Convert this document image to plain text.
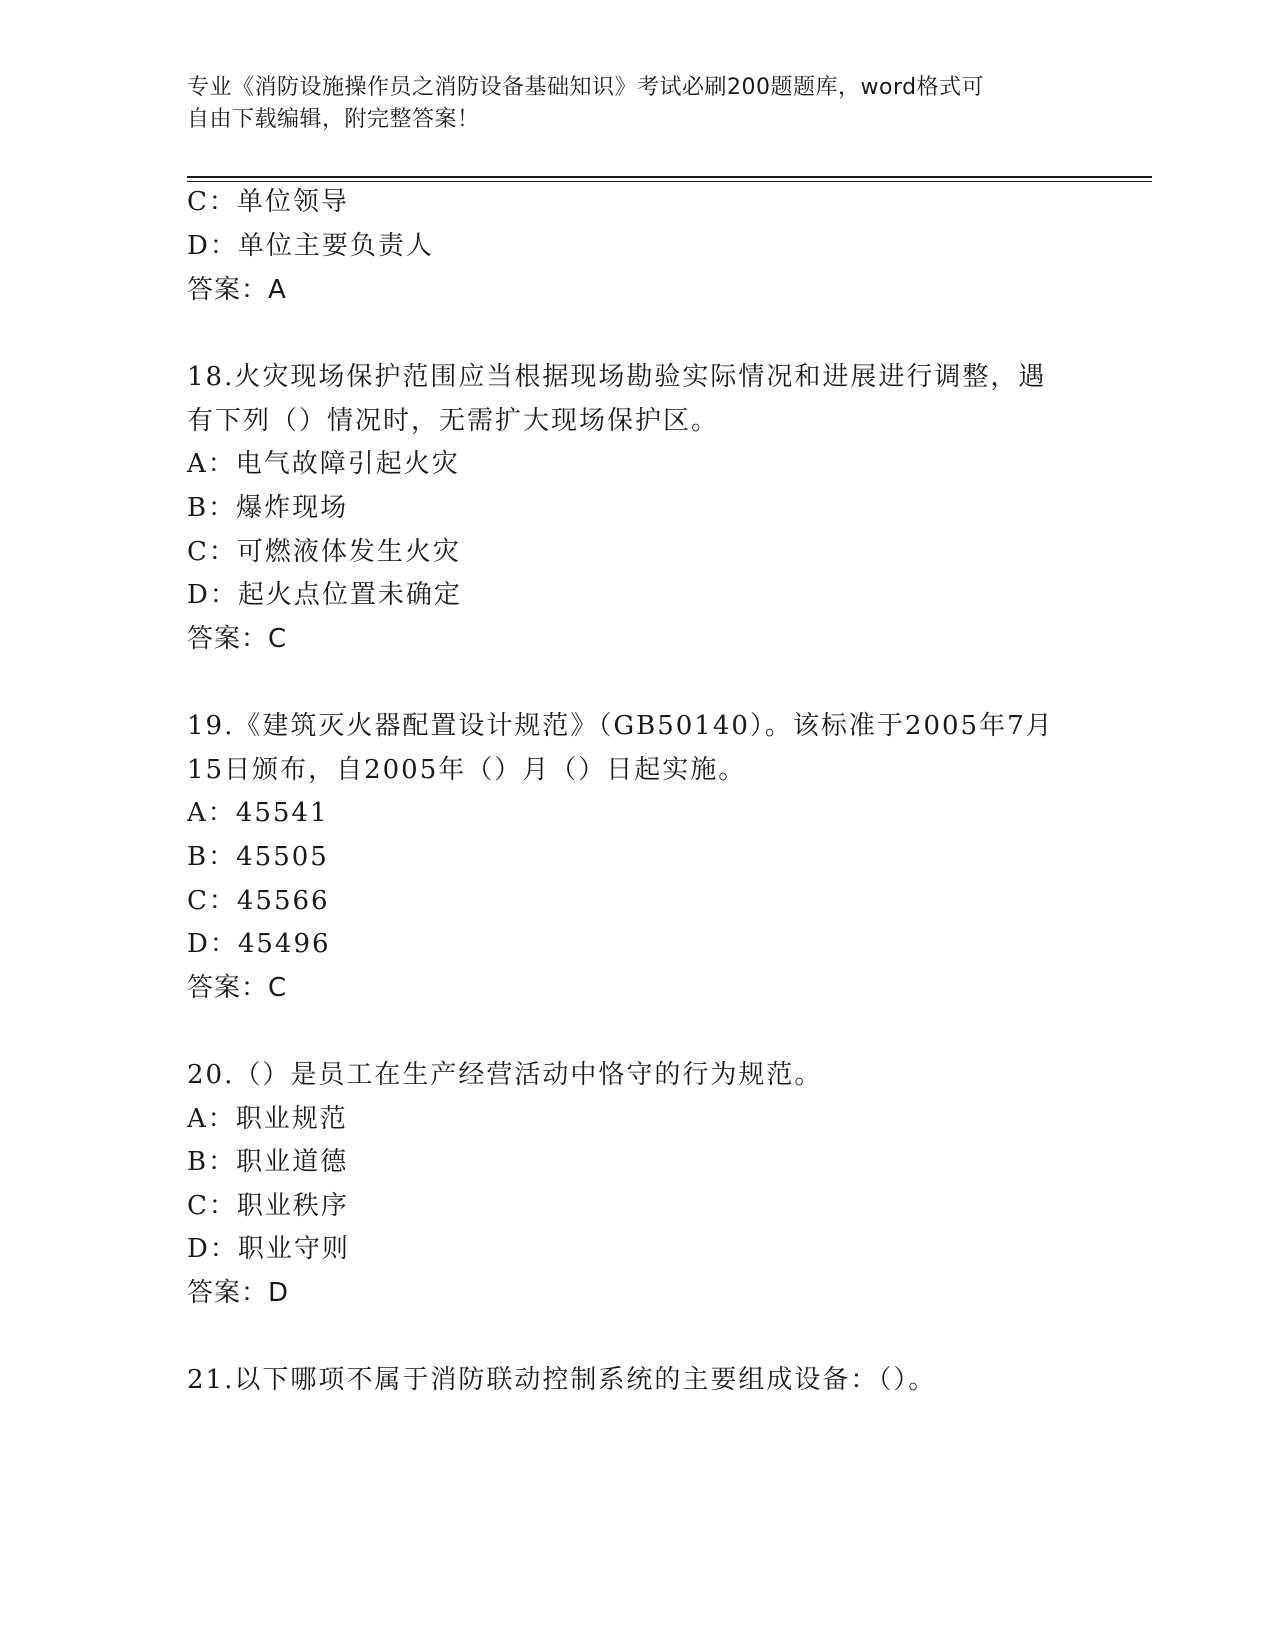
专业《消防设施操作员之消防设备基础知识》考试必刷200题题库，word格式可
自由下载编辑，附完整答案！
C：单位领导
D：单位主要负责人
答案：A
18.火灾现场保护范围应当根据现场勘验实际情况和进展进行调整，遇
有下列（）情况时，无需扩大现场保护区。
A：电气故障引起火灾
B：爆炸现场
C：可燃液体发生火灾
D：起火点位置未确定
答案：C
19.《建筑灭火器配置设计规范》（GB50140）。该标准于2005年7月
15日颁布，自2005年（）月（）日起实施。
A：45541
B：45505
C：45566
D：45496
答案：C
20.（）是员工在生产经营活动中恪守的行为规范。
A：职业规范
B：职业道德
C：职业秩序
D：职业守则
答案：D
21.以下哪项不属于消防联动控制系统的主要组成设备：（）。
